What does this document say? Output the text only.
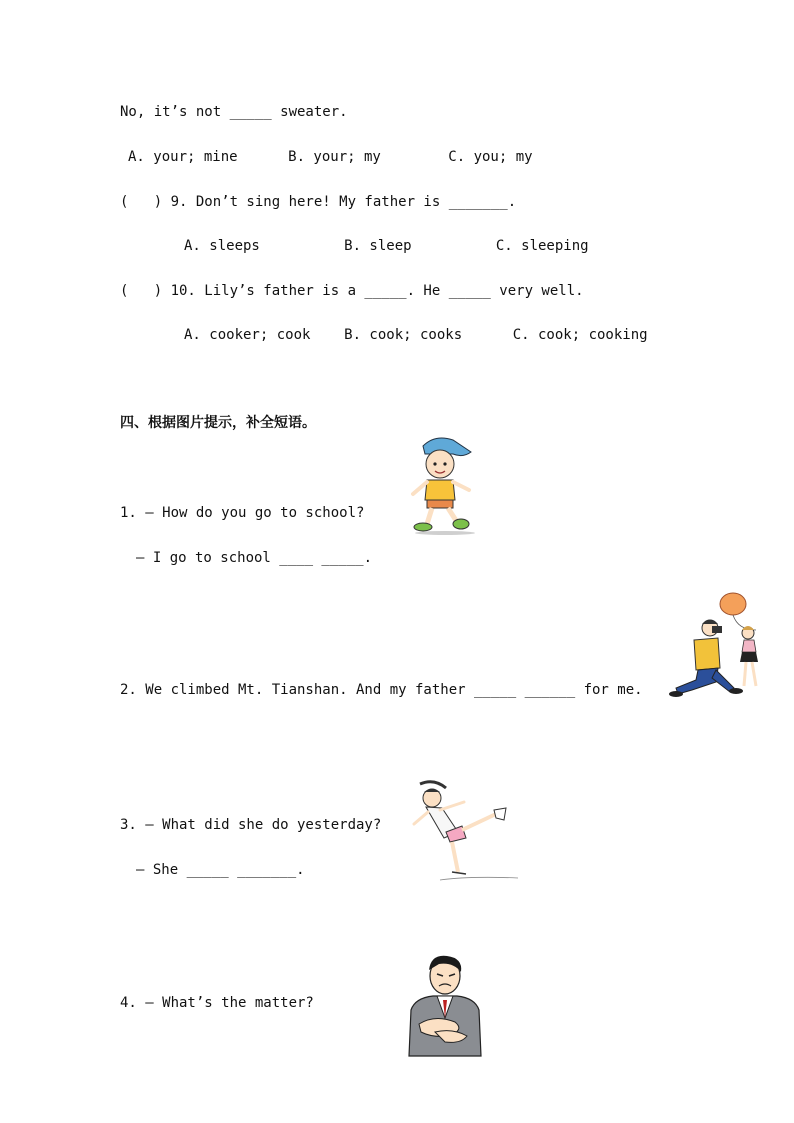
No, it’s not _____ sweater.
A. your; mine      B. your; my        C. you; my
(   ) 9. Don’t sing here! My father is _______.
A. sleeps          B. sleep          C. sleeping
(   ) 10. Lily’s father is a _____. He _____ very well.
A. cooker; cook    B. cook; cooks      C. cook; cooking
四、根据图片提示，补全短语。
1. — How do you go to school?
— I go to school ____ _____.
2. We climbed Mt. Tianshan. And my father _____ ______ for me.
3. — What did she do yesterday?
— She _____ _______.
4. — What’s the matter?
